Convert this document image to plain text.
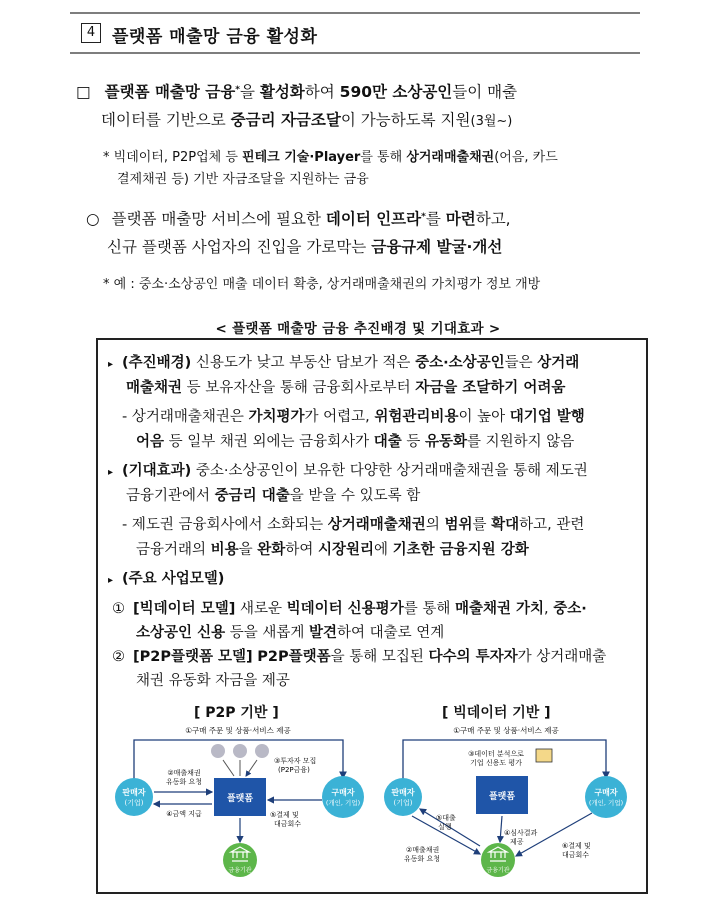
4 플랫폼 매출망 금융 활성화
□ 플랫폼 매출망 금융*을 활성화하여 590만 소상공인들이 매출
데이터를 기반으로 중금리 자금조달이 가능하도록 지원(3월~)
* 빅데이터, P2P업체 등 핀테크 기술·Player를 통해 상거래매출채권(어음, 카드
결제채권 등) 기반 자금조달을 지원하는 금융
○ 플랫폼 매출망 서비스에 필요한 데이터 인프라*를 마련하고,
신규 플랫폼 사업자의 진입을 가로막는 금융규제 발굴·개선
* 예 : 중소·소상공인 매출 데이터 확충, 상거래매출채권의 가치평가 정보 개방
< 플랫폼 매출망 금융 추진배경 및 기대효과 >
▸ (추진배경) 신용도가 낮고 부동산 담보가 적은 중소·소상공인들은 상거래
매출채권 등 보유자산을 통해 금융회사로부터 자금을 조달하기 어려움
- 상거래매출채권은 가치평가가 어렵고, 위험관리비용이 높아 대기업 발행
어음 등 일부 채권 외에는 금융회사가 대출 등 유동화를 지원하지 않음
▸ (기대효과) 중소·소상공인이 보유한 다양한 상거래매출채권을 통해 제도권
금융기관에서 중금리 대출을 받을 수 있도록 함
- 제도권 금융회사에서 소화되는 상거래매출채권의 범위를 확대하고, 관련
금융거래의 비용을 완화하여 시장원리에 기초한 금융지원 강화
▸ (주요 사업모델)
① [빅데이터 모델] 새로운 빅데이터 신용평가를 통해 매출채권 가치, 중소·
소상공인 신용 등을 새롭게 발견하여 대출로 연계
② [P2P플랫폼 모델] P2P플랫폼을 통해 모집된 다수의 투자자가 상거래매출
채권 유동화 자금을 제공
[ P2P 기반 ]	[ 빅데이터 기반 ]
①구매 주문 및 상품·서비스 제공
판매자
(기업)
구매자
(개인, 기업)
③투자자 모집
(P2P금융)
플랫폼
②매출채권
유동화 요청
④금액 지급	⑤결제 및
대금회수
금융기관
①구매 주문 및 상품·서비스 제공
③데이터 분석으로
기업 신용도 평가
판매자
(기업)
구매자
(개인, 기업)
플랫폼
금융기관
⑤대출
실행
④심사결과
제공
②매출채권
유동화 요청
⑥결제 및
대금회수
